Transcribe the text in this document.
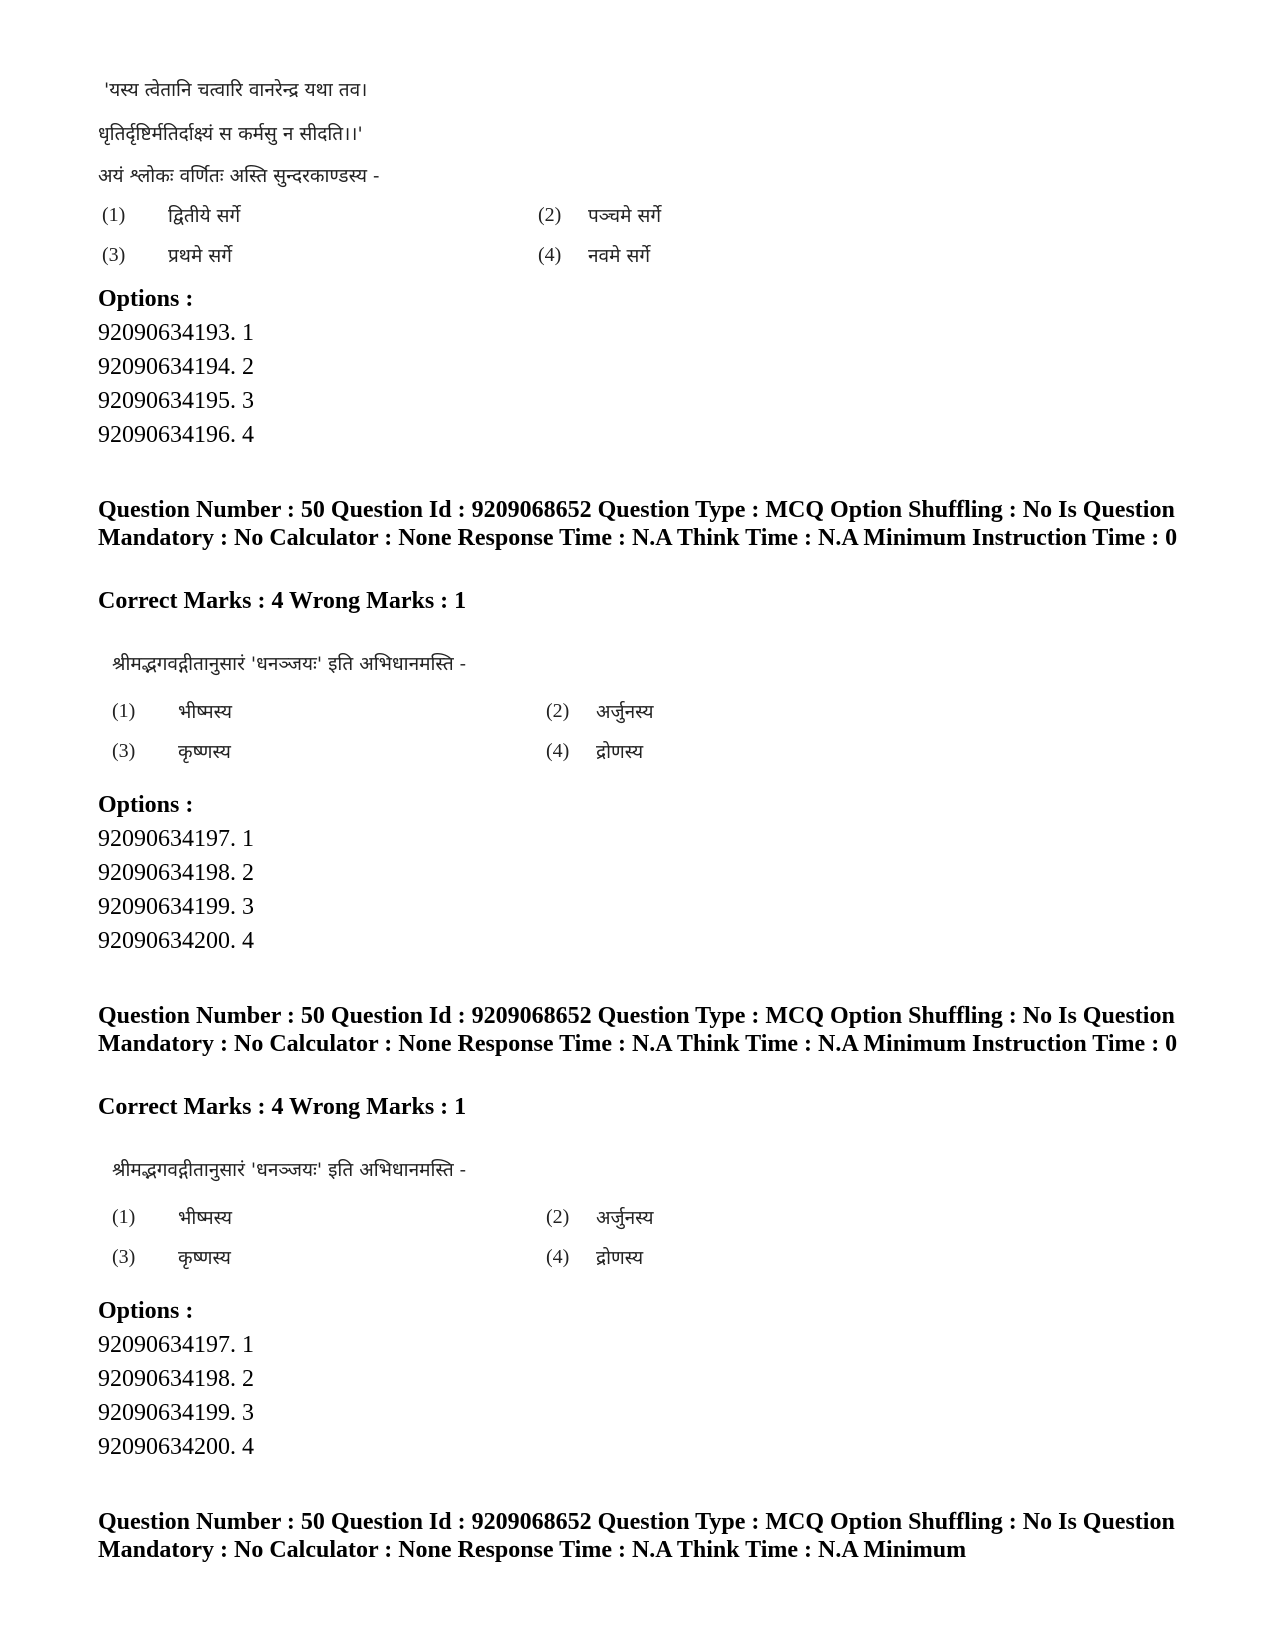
'यस्य त्वेतानि चत्वारि वानरेन्द्र यथा तव।
धृतिर्दृष्टिर्मतिर्दाक्ष्यं स कर्मसु न सीदति।।'
अयं श्लोकः वर्णितः अस्ति सुन्दरकाण्डस्य -
(1) द्वितीये सर्गे	(2) पञ्चमे सर्गे
(3) प्रथमे सर्गे	(4) नवमे सर्गे
Options :
92090634193. 1
92090634194. 2
92090634195. 3
92090634196. 4
Question Number : 50 Question Id : 9209068652 Question Type : MCQ Option Shuffling : No Is Question Mandatory : No Calculator : None Response Time : N.A Think Time : N.A Minimum Instruction Time : 0
Correct Marks : 4 Wrong Marks : 1
श्रीमद्भगवद्गीतानुसारं 'धनञ्जयः' इति अभिधानमस्ति -
(1) भीष्मस्य	(2) अर्जुनस्य
(3) कृष्णस्य	(4) द्रोणस्य
Options :
92090634197. 1
92090634198. 2
92090634199. 3
92090634200. 4
Question Number : 50 Question Id : 9209068652 Question Type : MCQ Option Shuffling : No Is Question Mandatory : No Calculator : None Response Time : N.A Think Time : N.A Minimum Instruction Time : 0
Correct Marks : 4 Wrong Marks : 1
श्रीमद्भगवद्गीतानुसारं 'धनञ्जयः' इति अभिधानमस्ति -
(1) भीष्मस्य	(2) अर्जुनस्य
(3) कृष्णस्य	(4) द्रोणस्य
Options :
92090634197. 1
92090634198. 2
92090634199. 3
92090634200. 4
Question Number : 50 Question Id : 9209068652 Question Type : MCQ Option Shuffling : No Is Question Mandatory : No Calculator : None Response Time : N.A Think Time : N.A Minimum
